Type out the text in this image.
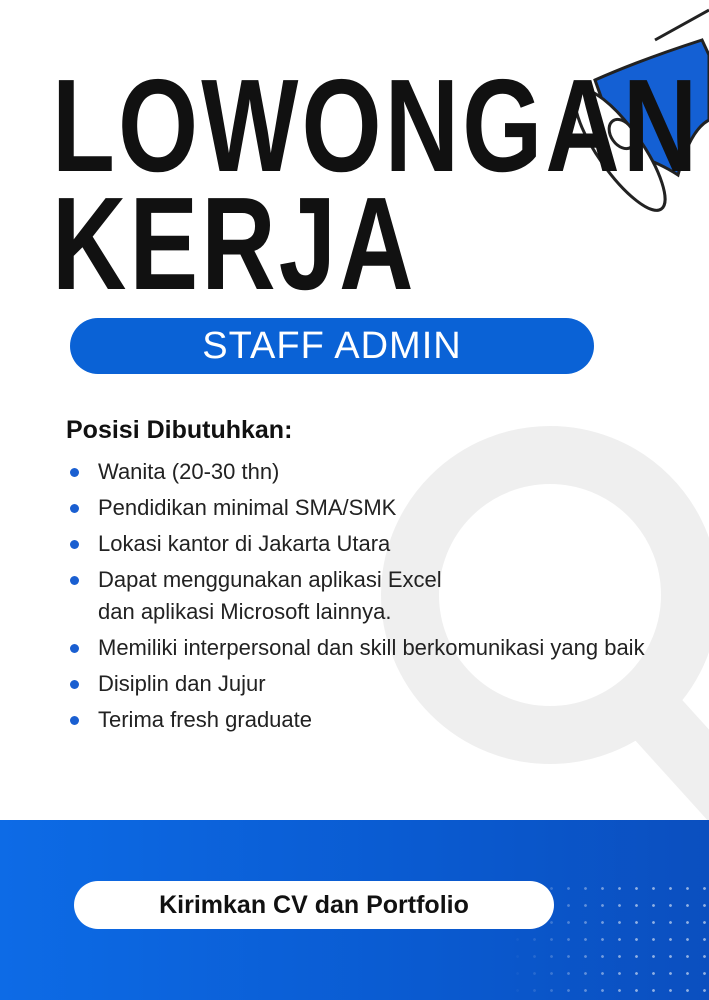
LOWONGAN
KERJA
STAFF ADMIN
Posisi Dibutuhkan:
Wanita (20-30 thn)
Pendidikan minimal SMA/SMK
Lokasi kantor di Jakarta Utara
Dapat menggunakan aplikasi Excel dan aplikasi Microsoft lainnya.
Memiliki interpersonal dan skill berkomunikasi yang baik
Disiplin dan Jujur
Terima fresh graduate
Kirimkan CV dan Portfolio
